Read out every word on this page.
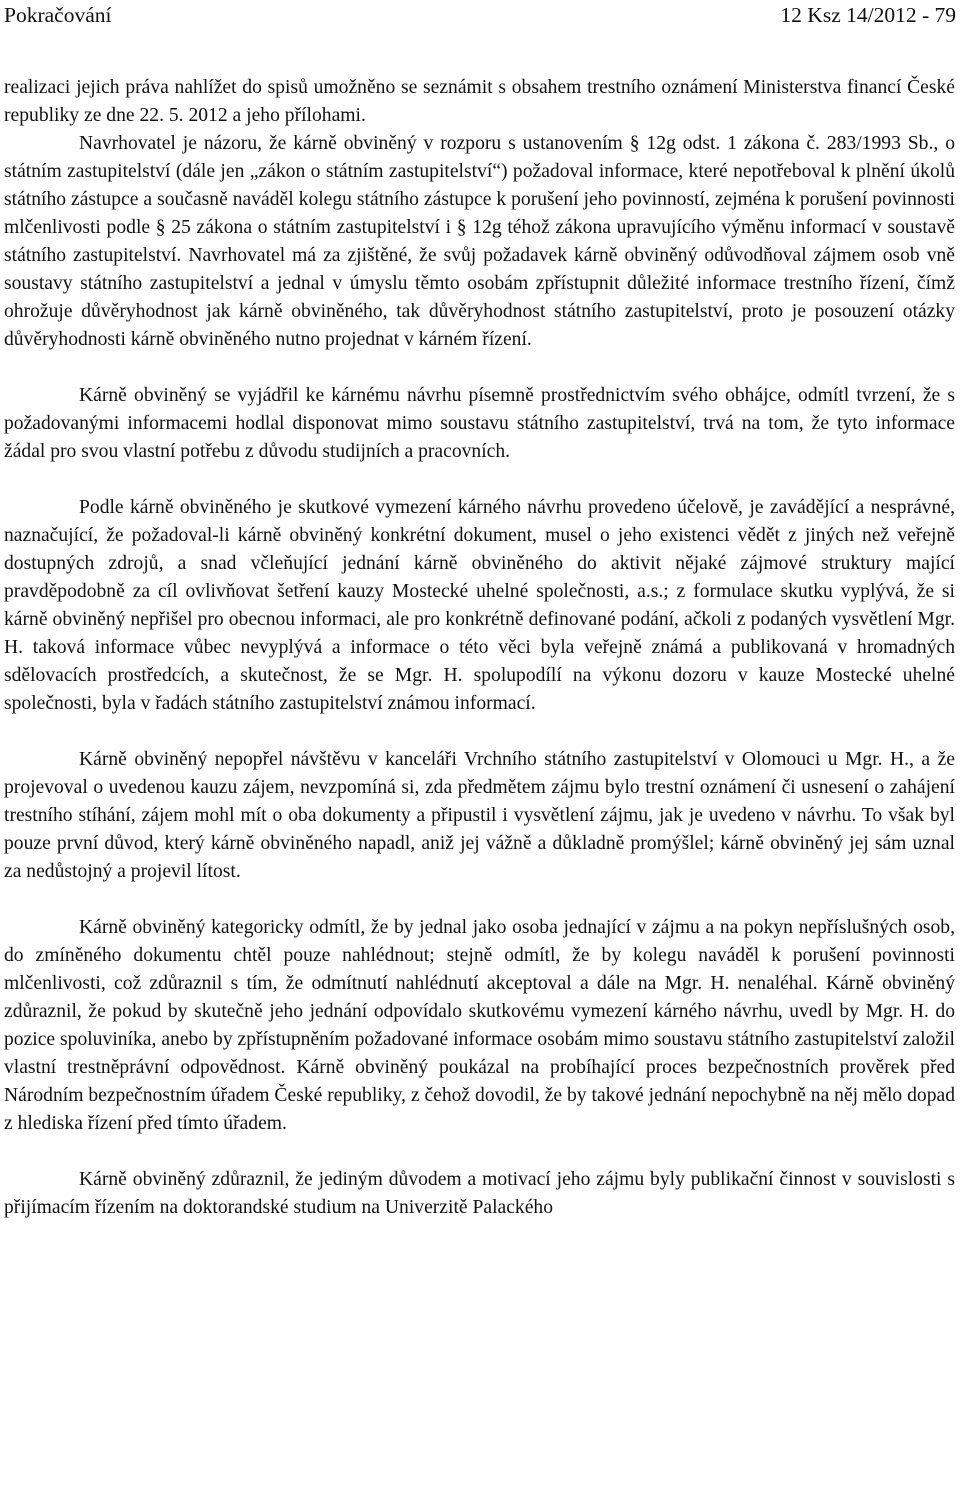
Pokračování	12 Ksz 14/2012 - 79

realizaci jejich práva nahlížet do spisů umožněno se seznámit s obsahem trestního oznámení Ministerstva financí České republiky ze dne 22. 5. 2012 a jeho přílohami.

Navrhovatel je názoru, že kárně obviněný v rozporu s ustanovením § 12g odst. 1 zákona č. 283/1993 Sb., o státním zastupitelství (dále jen „zákon o státním zastupitelství“) požadoval informace, které nepotřeboval k plnění úkolů státního zástupce a současně naváděl kolegu státního zástupce k porušení jeho povinností, zejména k porušení povinnosti mlčenlivosti podle § 25 zákona o státním zastupitelství i § 12g téhož zákona upravujícího výměnu informací v soustavě státního zastupitelství. Navrhovatel má za zjištěné, že svůj požadavek kárně obviněný odůvodňoval zájmem osob vně soustavy státního zastupitelství a jednal v úmyslu těmto osobám zpřístupnit důležité informace trestního řízení, čímž ohrožuje důvěryhodnost jak kárně obviněného, tak důvěryhodnost státního zastupitelství, proto je posouzení otázky důvěryhodnosti kárně obviněného nutno projednat v kárném řízení.

Kárně obviněný se vyjádřil ke kárnému návrhu písemně prostřednictvím svého obhájce, odmítl tvrzení, že s požadovanými informacemi hodlal disponovat mimo soustavu státního zastupitelství, trvá na tom, že tyto informace žádal pro svou vlastní potřebu z důvodu studijních a pracovních.

Podle kárně obviněného je skutkové vymezení kárného návrhu provedeno účelově, je zavádějící a nesprávné, naznačující, že požadoval-li kárně obviněný konkrétní dokument, musel o jeho existenci vědět z jiných než veřejně dostupných zdrojů, a snad včleňující jednání kárně obviněného do aktivit nějaké zájmové struktury mající pravděpodobně za cíl ovlivňovat šetření kauzy Mostecké uhelné společnosti, a.s.; z formulace skutku vyplývá, že si kárně obviněný nepřišel pro obecnou informaci, ale pro konkrétně definované podání, ačkoli z podaných vysvětlení Mgr. H. taková informace vůbec nevyplývá a informace o této věci byla veřejně známá a publikovaná v hromadných sdělovacích prostředcích, a skutečnost, že se Mgr. H. spolupodílí na výkonu dozoru v kauze Mostecké uhelné společnosti, byla v řadách státního zastupitelství známou informací.

Kárně obviněný nepopřel návštěvu v kanceláři Vrchního státního zastupitelství v Olomouci u Mgr. H., a že projevoval o uvedenou kauzu zájem, nevzpomíná si, zda předmětem zájmu bylo trestní oznámení či usnesení o zahájení trestního stíhání, zájem mohl mít o oba dokumenty a připustil i vysvětlení zájmu, jak je uvedeno v návrhu. To však byl pouze první důvod, který kárně obviněného napadl, aniž jej vážně a důkladně promýšlel; kárně obviněný jej sám uznal za nedůstojný a projevil lítost.

Kárně obviněný kategoricky odmítl, že by jednal jako osoba jednající v zájmu a na pokyn nepříslušných osob, do zmíněného dokumentu chtěl pouze nahlédnout; stejně odmítl, že by kolegu naváděl k porušení povinnosti mlčenlivosti, což zdůraznil s tím, že odmítnutí nahlédnutí akceptoval a dále na Mgr. H. nenaléhal. Kárně obviněný zdůraznil, že pokud by skutečně jeho jednání odpovídalo skutkovému vymezení kárného návrhu, uvedl by Mgr. H. do pozice spoluviníka, anebo by zpřístupněním požadované informace osobám mimo soustavu státního zastupitelství založil vlastní trestněprávní odpovědnost. Kárně obviněný poukázal na probíhající proces bezpečnostních prověrek před Národním bezpečnostním úřadem České republiky, z čehož dovodil, že by takové jednání nepochybně na něj mělo dopad z hlediska řízení před tímto úřadem.

Kárně obviněný zdůraznil, že jediným důvodem a motivací jeho zájmu byly publikační činnost v souvislosti s přijímacím řízením na doktorandské studium na Univerzitě Palackého
